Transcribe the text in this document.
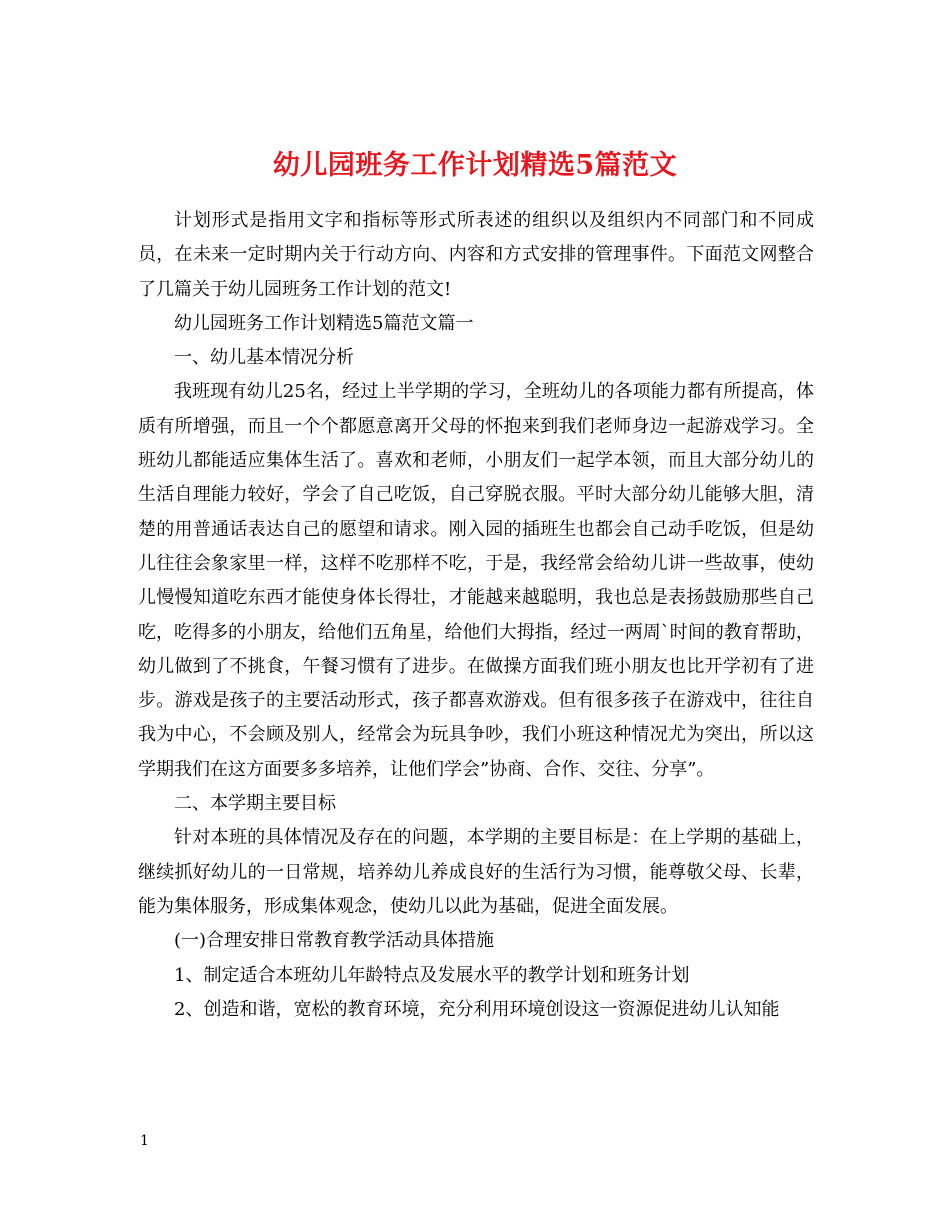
幼儿园班务工作计划精选5篇范文

计划形式是指用文字和指标等形式所表述的组织以及组织内不同部门和不同成员，在未来一定时期内关于行动方向、内容和方式安排的管理事件。下面范文网整合了几篇关于幼儿园班务工作计划的范文!

幼儿园班务工作计划精选5篇范文篇一

一、幼儿基本情况分析

我班现有幼儿25名，经过上半学期的学习，全班幼儿的各项能力都有所提高，体质有所增强，而且一个个都愿意离开父母的怀抱来到我们老师身边一起游戏学习。全班幼儿都能适应集体生活了。喜欢和老师，小朋友们一起学本领，而且大部分幼儿的生活自理能力较好，学会了自己吃饭，自己穿脱衣服。平时大部分幼儿能够大胆，清楚的用普通话表达自己的愿望和请求。刚入园的插班生也都会自己动手吃饭，但是幼儿往往会象家里一样，这样不吃那样不吃，于是，我经常会给幼儿讲一些故事，使幼儿慢慢知道吃东西才能使身体长得壮，才能越来越聪明，我也总是表扬鼓励那些自己吃，吃得多的小朋友，给他们五角星，给他们大拇指，经过一两周`时间的教育帮助，幼儿做到了不挑食，午餐习惯有了进步。在做操方面我们班小朋友也比开学初有了进步。游戏是孩子的主要活动形式，孩子都喜欢游戏。但有很多孩子在游戏中，往往自我为中心，不会顾及别人，经常会为玩具争吵，我们小班这种情况尤为突出，所以这学期我们在这方面要多多培养，让他们学会”协商、合作、交往、分享”。

二、本学期主要目标

针对本班的具体情况及存在的问题，本学期的主要目标是：在上学期的基础上，继续抓好幼儿的一日常规，培养幼儿养成良好的生活行为习惯，能尊敬父母、长辈，能为集体服务，形成集体观念，使幼儿以此为基础，促进全面发展。

(一)合理安排日常教育教学活动具体措施

1、制定适合本班幼儿年龄特点及发展水平的教学计划和班务计划

2、创造和谐，宽松的教育环境，充分利用环境创设这一资源促进幼儿认知能

1
